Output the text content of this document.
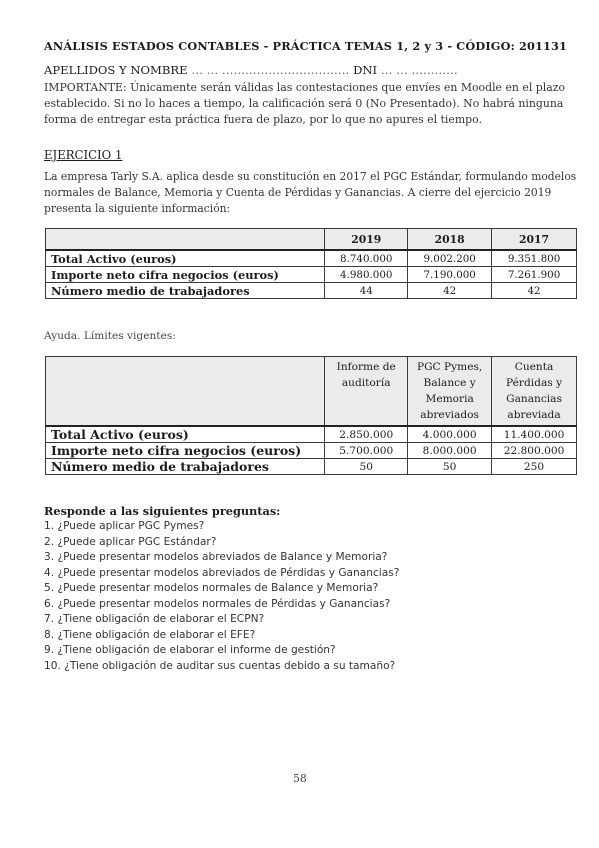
ANÁLISIS ESTADOS CONTABLES - PRÁCTICA TEMAS 1, 2 y 3 - CÓDIGO: 201131
APELLIDOS Y NOMBRE … … …………………………… DNI … … …………
IMPORTANTE: Únicamente serán válidas las contestaciones que envíes en Moodle en el plazo establecido. Si no lo haces a tiempo, la calificación será 0 (No Presentado). No habrá ninguna forma de entregar esta práctica fuera de plazo, por lo que no apures el tiempo.
EJERCICIO 1
La empresa Tarly S.A. aplica desde su constitución en 2017 el PGC Estándar, formulando modelos normales de Balance, Memoria y Cuenta de Pérdidas y Ganancias. A cierre del ejercicio 2019 presenta la siguiente información:
	2019	2018	2017
Total Activo (euros)	8.740.000	9.002.200	9.351.800
Importe neto cifra negocios (euros)	4.980.000	7.190.000	7.261.900
Número medio de trabajadores	44	42	42
Ayuda. Límites vigentes:
	Informe de auditoría	PGC Pymes, Balance y Memoria abreviados	Cuenta Pérdidas y Ganancias abreviada
Total Activo (euros)	2.850.000	4.000.000	11.400.000
Importe neto cifra negocios (euros)	5.700.000	8.000.000	22.800.000
Número medio de trabajadores	50	50	250
Responde a las siguientes preguntas:
1. ¿Puede aplicar PGC Pymes?
2. ¿Puede aplicar PGC Estándar?
3. ¿Puede presentar modelos abreviados de Balance y Memoria?
4. ¿Puede presentar modelos abreviados de Pérdidas y Ganancias?
5. ¿Puede presentar modelos normales de Balance y Memoria?
6. ¿Puede presentar modelos normales de Pérdidas y Ganancias?
7. ¿Tiene obligación de elaborar el ECPN?
8. ¿Tiene obligación de elaborar el EFE?
9. ¿Tiene obligación de elaborar el informe de gestión?
10. ¿Tiene obligación de auditar sus cuentas debido a su tamaño?
58
